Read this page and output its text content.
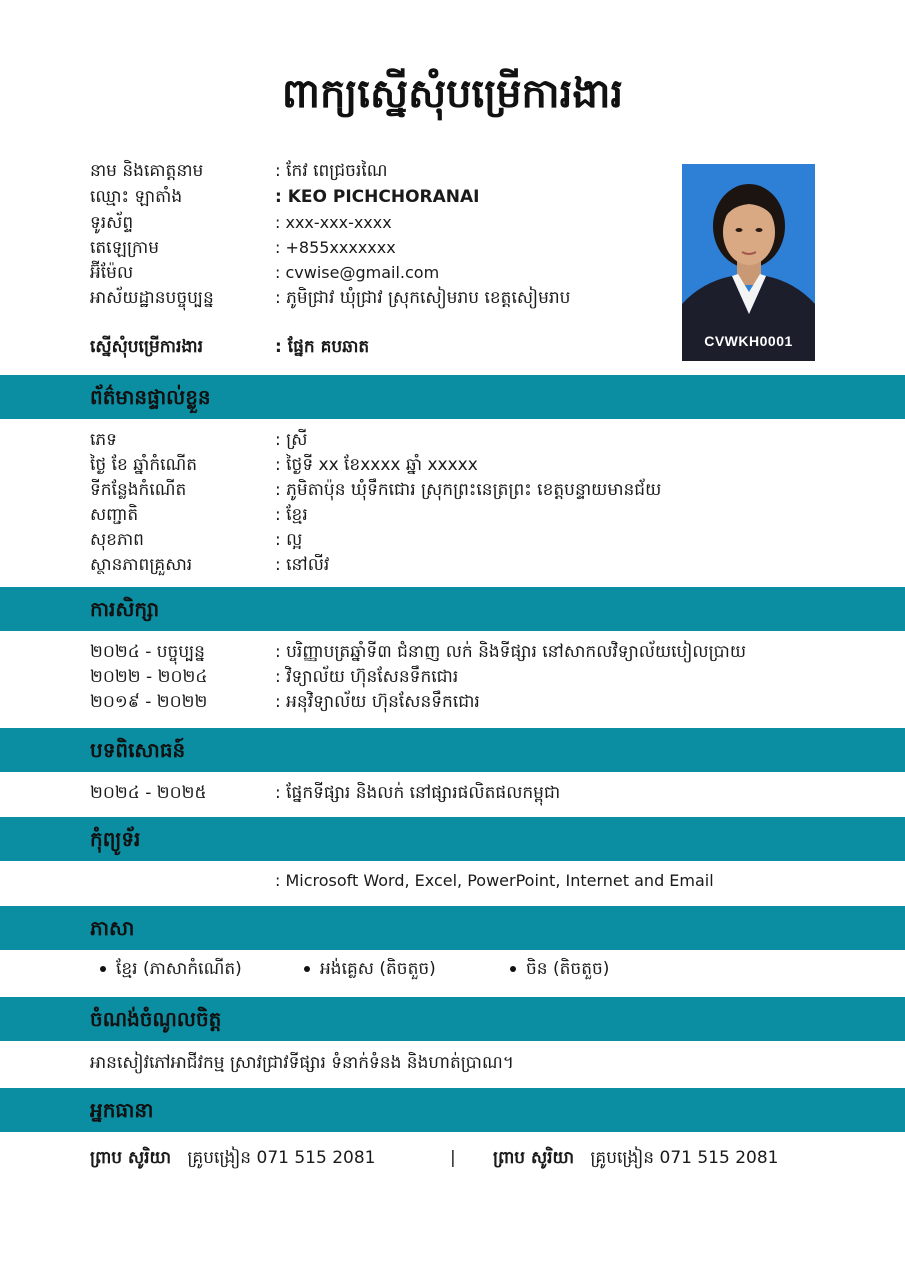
ពាក្យស្នើសុំបម្រើការងារ
នាម និងគោត្តនាម	: កែវ ពេជ្រចរណៃ
ឈ្មោះ ឡាតាំង	: KEO PICHCHORANAI
ទូរស័ព្ទ	: xxx-xxx-xxxx
តេឡេក្រាម	: +855xxxxxxx
អ៊ីម៉ែល	: cvwise@gmail.com
អាស័យដ្ឋានបច្ចុប្បន្ន	: ភូមិជ្រាវ ឃុំជ្រាវ ស្រុកសៀមរាប ខេត្តសៀមរាប
ស្នើសុំបម្រើការងារ	: ផ្នែក គបឆាត	CVWKH0001
ព័ត៌មានផ្ទាល់ខ្លួន
ភេទ	: ស្រី
ថ្ងៃ ខែ ឆ្នាំកំណើត	: ថ្ងៃទី xx ខែxxxx ឆ្នាំ xxxxx
ទីកន្លែងកំណើត	: ភូមិតាប៉ុន ឃុំទឹកជោរ ស្រុកព្រះនេត្រព្រះ ខេត្តបន្ទាយមានជ័យ
សញ្ជាតិ	: ខ្មែរ
សុខភាព	: ល្អ
ស្ថានភាពគ្រួសារ	: នៅលីវ
ការសិក្សា
២០២៤ - បច្ចុប្បន្ន	: បរិញ្ញាបត្រឆ្នាំទី៣ ជំនាញ លក់ និងទីផ្សារ នៅសាកលវិទ្យាល័យបៀលប្រាយ
២០២២ - ២០២៤	: វិទ្យាល័យ ហ៊ុនសែនទឹកជោរ
២០១៩ - ២០២២	: អនុវិទ្យាល័យ ហ៊ុនសែនទឹកជោរ
បទពិសោធន៍
២០២៤ - ២០២៥	: ផ្នែកទីផ្សារ និងលក់ នៅផ្សារផលិតផលកម្ពុជា
កុំព្យូទ័រ
: Microsoft Word, Excel, PowerPoint, Internet and Email
ភាសា
ខ្មែរ (ភាសាកំណើត)	អង់គ្លេស (តិចតួច)	ចិន (តិចតួច)
ចំណង់ចំណូលចិត្ត
អានសៀវភៅអាជីវកម្ម ស្រាវជ្រាវទីផ្សារ ទំនាក់ទំនង និងហាត់ប្រាណ។
អ្នកធានា
ព្រាប សូរិយា គ្រូបង្រៀន 071 515 2081	| ព្រាប សូរិយា គ្រូបង្រៀន 071 515 2081
